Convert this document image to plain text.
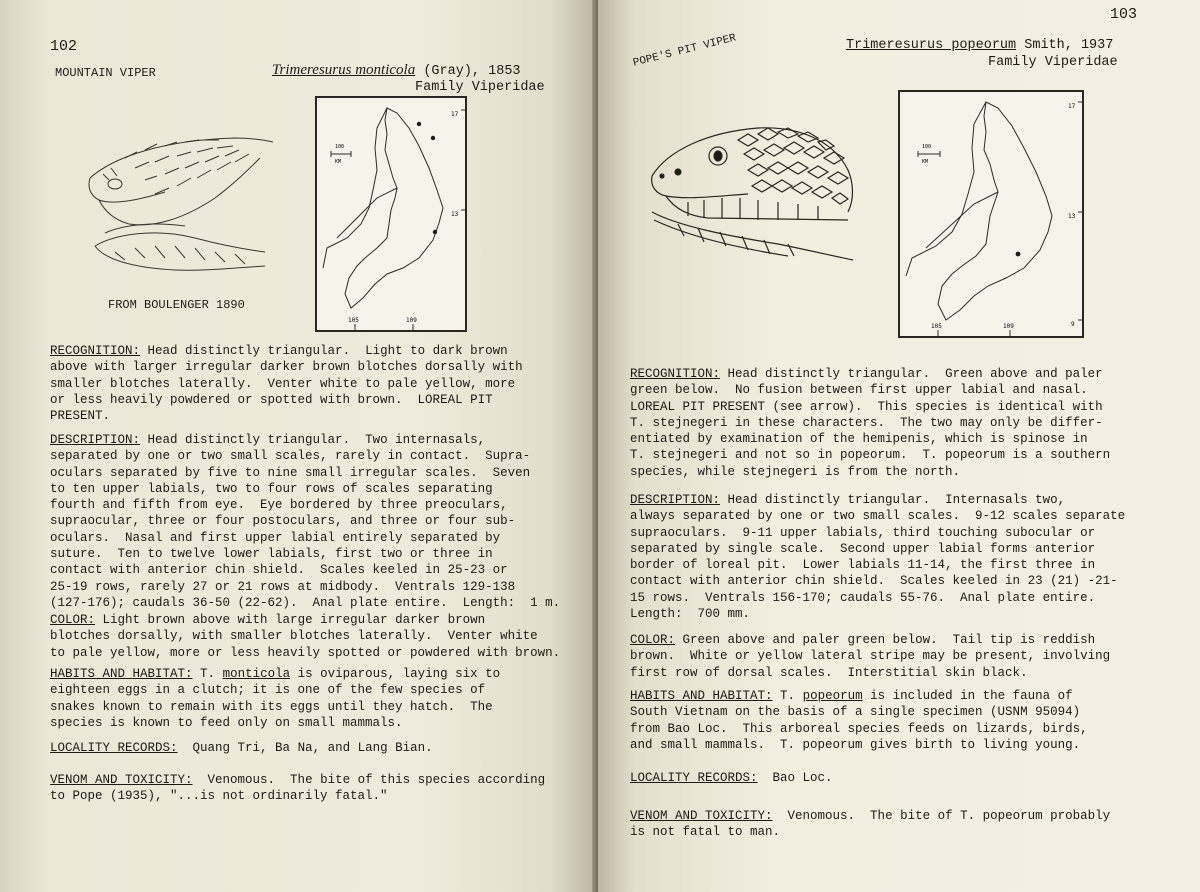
102
MOUNTAIN VIPER	Trimeresurus monticola (Gray), 1853
Family Viperidae
FROM BOULENGER 1890
100
KM
17
13
105	109
RECOGNITION: Head distinctly triangular.  Light to dark brown
above with larger irregular darker brown blotches dorsally with
smaller blotches laterally.  Venter white to pale yellow, more
or less heavily powdered or spotted with brown.  LOREAL PIT
PRESENT.
DESCRIPTION: Head distinctly triangular.  Two internasals,
separated by one or two small scales, rarely in contact.  Supra-
oculars separated by five to nine small irregular scales.  Seven
to ten upper labials, two to four rows of scales separating
fourth and fifth from eye.  Eye bordered by three preoculars,
supraocular, three or four postoculars, and three or four sub-
oculars.  Nasal and first upper labial entirely separated by
suture.  Ten to twelve lower labials, first two or three in
contact with anterior chin shield.  Scales keeled in 25-23 or
25-19 rows, rarely 27 or 21 rows at midbody.  Ventrals 129-138
(127-176); caudals 36-50 (22-62).  Anal plate entire.  Length:  1 m.
COLOR: Light brown above with large irregular darker brown
blotches dorsally, with smaller blotches laterally.  Venter white
to pale yellow, more or less heavily spotted or powdered with brown.
HABITS AND HABITAT: T. monticola is oviparous, laying six to
eighteen eggs in a clutch; it is one of the few species of
snakes known to remain with its eggs until they hatch.  The
species is known to feed only on small mammals.
LOCALITY RECORDS: Quang Tri, Ba Na, and Lang Bian.
VENOM AND TOXICITY: Venomous.  The bite of this species according
to Pope (1935), "...is not ordinarily fatal."
103
POPE'S PIT VIPER	Trimeresurus popeorum Smith, 1937
Family Viperidae
100
KM
17
13
9
105	109
RECOGNITION: Head distinctly triangular.  Green above and paler
green below.  No fusion between first upper labial and nasal.
LOREAL PIT PRESENT (see arrow).  This species is identical with
T. stejnegeri in these characters.  The two may only be differ-
entiated by examination of the hemipenis, which is spinose in
T. stejnegeri and not so in popeorum.  T. popeorum is a southern
species, while stejnegeri is from the north.
DESCRIPTION: Head distinctly triangular.  Internasals two,
always separated by one or two small scales.  9-12 scales separate
supraoculars.  9-11 upper labials, third touching subocular or
separated by single scale.  Second upper labial forms anterior
border of loreal pit.  Lower labials 11-14, the first three in
contact with anterior chin shield.  Scales keeled in 23 (21) -21-
15 rows.  Ventrals 156-170; caudals 55-76.  Anal plate entire.
Length:  700 mm.
COLOR: Green above and paler green below.  Tail tip is reddish
brown.  White or yellow lateral stripe may be present, involving
first row of dorsal scales.  Interstitial skin black.
HABITS AND HABITAT: T. popeorum is included in the fauna of
South Vietnam on the basis of a single specimen (USNM 95094)
from Bao Loc.  This arboreal species feeds on lizards, birds,
and small mammals.  T. popeorum gives birth to living young.
LOCALITY RECORDS: Bao Loc.
VENOM AND TOXICITY: Venomous.  The bite of T. popeorum probably
is not fatal to man.
